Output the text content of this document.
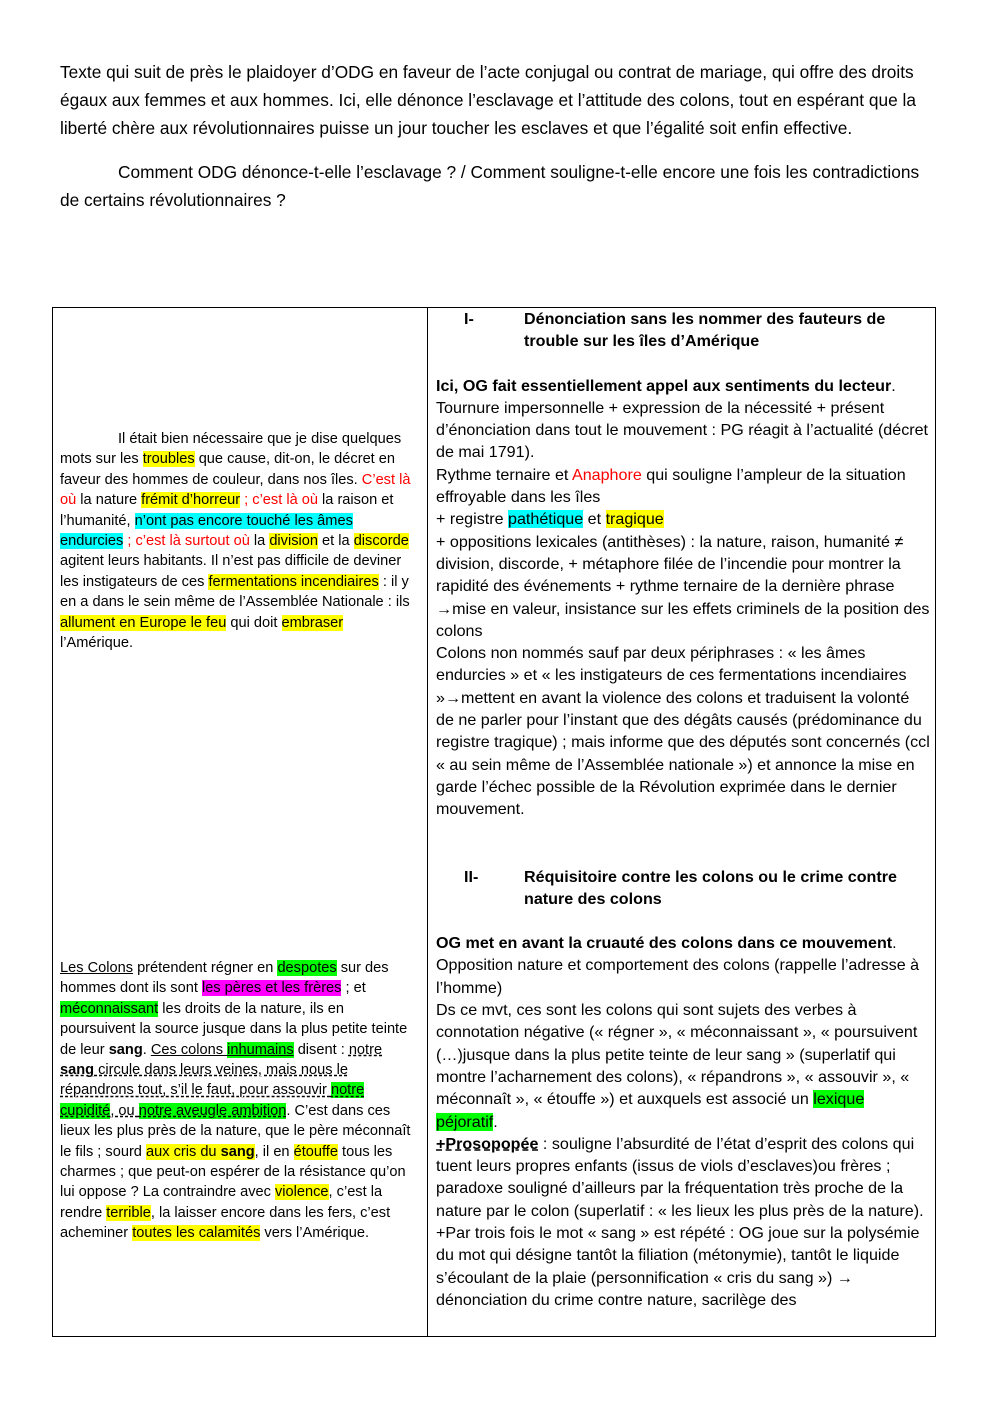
Texte qui suit de près le plaidoyer d’ODG en faveur de l’acte conjugal ou contrat de mariage, qui offre des droits égaux aux femmes et aux hommes. Ici, elle dénonce l’esclavage et l’attitude des colons, tout en espérant que la liberté chère aux révolutionnaires puisse un jour toucher les esclaves et que l’égalité soit enfin effective.

Comment ODG dénonce-t-elle l’esclavage ? / Comment souligne-t-elle encore une fois les contradictions de certains révolutionnaires ?

Il était bien nécessaire que je dise quelques mots sur les troubles que cause, dit-on, le décret en faveur des hommes de couleur, dans nos îles. C’est là où la nature frémit d’horreur ; c’est là où la raison et l’humanité, n’ont pas encore touché les âmes endurcies ; c’est là surtout où la division et la discorde agitent leurs habitants. Il n’est pas difficile de deviner les instigateurs de ces fermentations incendiaires : il y en a dans le sein même de l’Assemblée Nationale : ils allument en Europe le feu qui doit embraser l’Amérique.
Les Colons prétendent régner en despotes sur des hommes dont ils sont les pères et les frères ; et méconnaissant les droits de la nature, ils en poursuivent la source jusque dans la plus petite teinte de leur sang. Ces colons inhumains disent : notre sang circule dans leurs veines, mais nous le répandrons tout, s’il le faut, pour assouvir notre cupidité, ou notre aveugle ambition. C’est dans ces lieux les plus près de la nature, que le père méconnaît le fils ; sourd aux cris du sang, il en étouffe tous les charmes ; que peut-on espérer de la résistance qu’on lui oppose ? La contraindre avec violence, c’est la rendre terrible, la laisser encore dans les fers, c’est acheminer toutes les calamités vers l’Amérique.

I-	Dénonciation sans les nommer des fauteurs de trouble sur les îles d’Amérique

Ici, OG fait essentiellement appel aux sentiments du lecteur.

Tournure impersonnelle + expression de la nécessité + présent d’énonciation dans tout le mouvement : PG réagit à l’actualité (décret de mai 1791).

Rythme ternaire et Anaphore qui souligne l’ampleur de la situation effroyable dans les îles

+ registre pathétique et tragique

+ oppositions lexicales (antithèses) : la nature, raison, humanité ≠ division, discorde, + métaphore filée de l’incendie pour montrer la rapidité des événements + rythme ternaire de la dernière phrase →mise en valeur, insistance sur les effets criminels de la position des colons

Colons non nommés sauf par deux périphrases : « les âmes endurcies » et « les instigateurs de ces fermentations incendiaires »→mettent en avant la violence des colons et traduisent la volonté de ne parler pour l’instant que des dégâts causés (prédominance du registre tragique) ; mais informe que des députés sont concernés (ccl « au sein même de l’Assemblée nationale ») et annonce la mise en garde l’échec possible de la Révolution exprimée dans le dernier mouvement.

II-	Réquisitoire contre les colons ou le crime contre nature des colons

OG met en avant la cruauté des colons dans ce mouvement.

Opposition nature et comportement des colons (rappelle l’adresse à l’homme)

Ds ce mvt, ces sont les colons qui sont sujets des verbes à connotation négative (« régner », « méconnaissant », « poursuivent (…)jusque dans la plus petite teinte de leur sang » (superlatif qui montre l’acharnement des colons), « répandrons », « assouvir », « méconnaît », « étouffe ») et auxquels est associé un lexique péjoratif.

+Prosopopée : souligne l’absurdité de l’état d’esprit des colons qui tuent leurs propres enfants (issus de viols d’esclaves)ou frères ; paradoxe souligné d’ailleurs par la fréquentation très proche de la nature par le colon (superlatif : « les lieux les plus près de la nature).

+Par trois fois le mot « sang » est répété : OG joue sur la polysémie du mot qui désigne tantôt la filiation (métonymie), tantôt le liquide s’écoulant de la plaie (personnification « cris du sang ») → dénonciation du crime contre nature, sacrilège des
